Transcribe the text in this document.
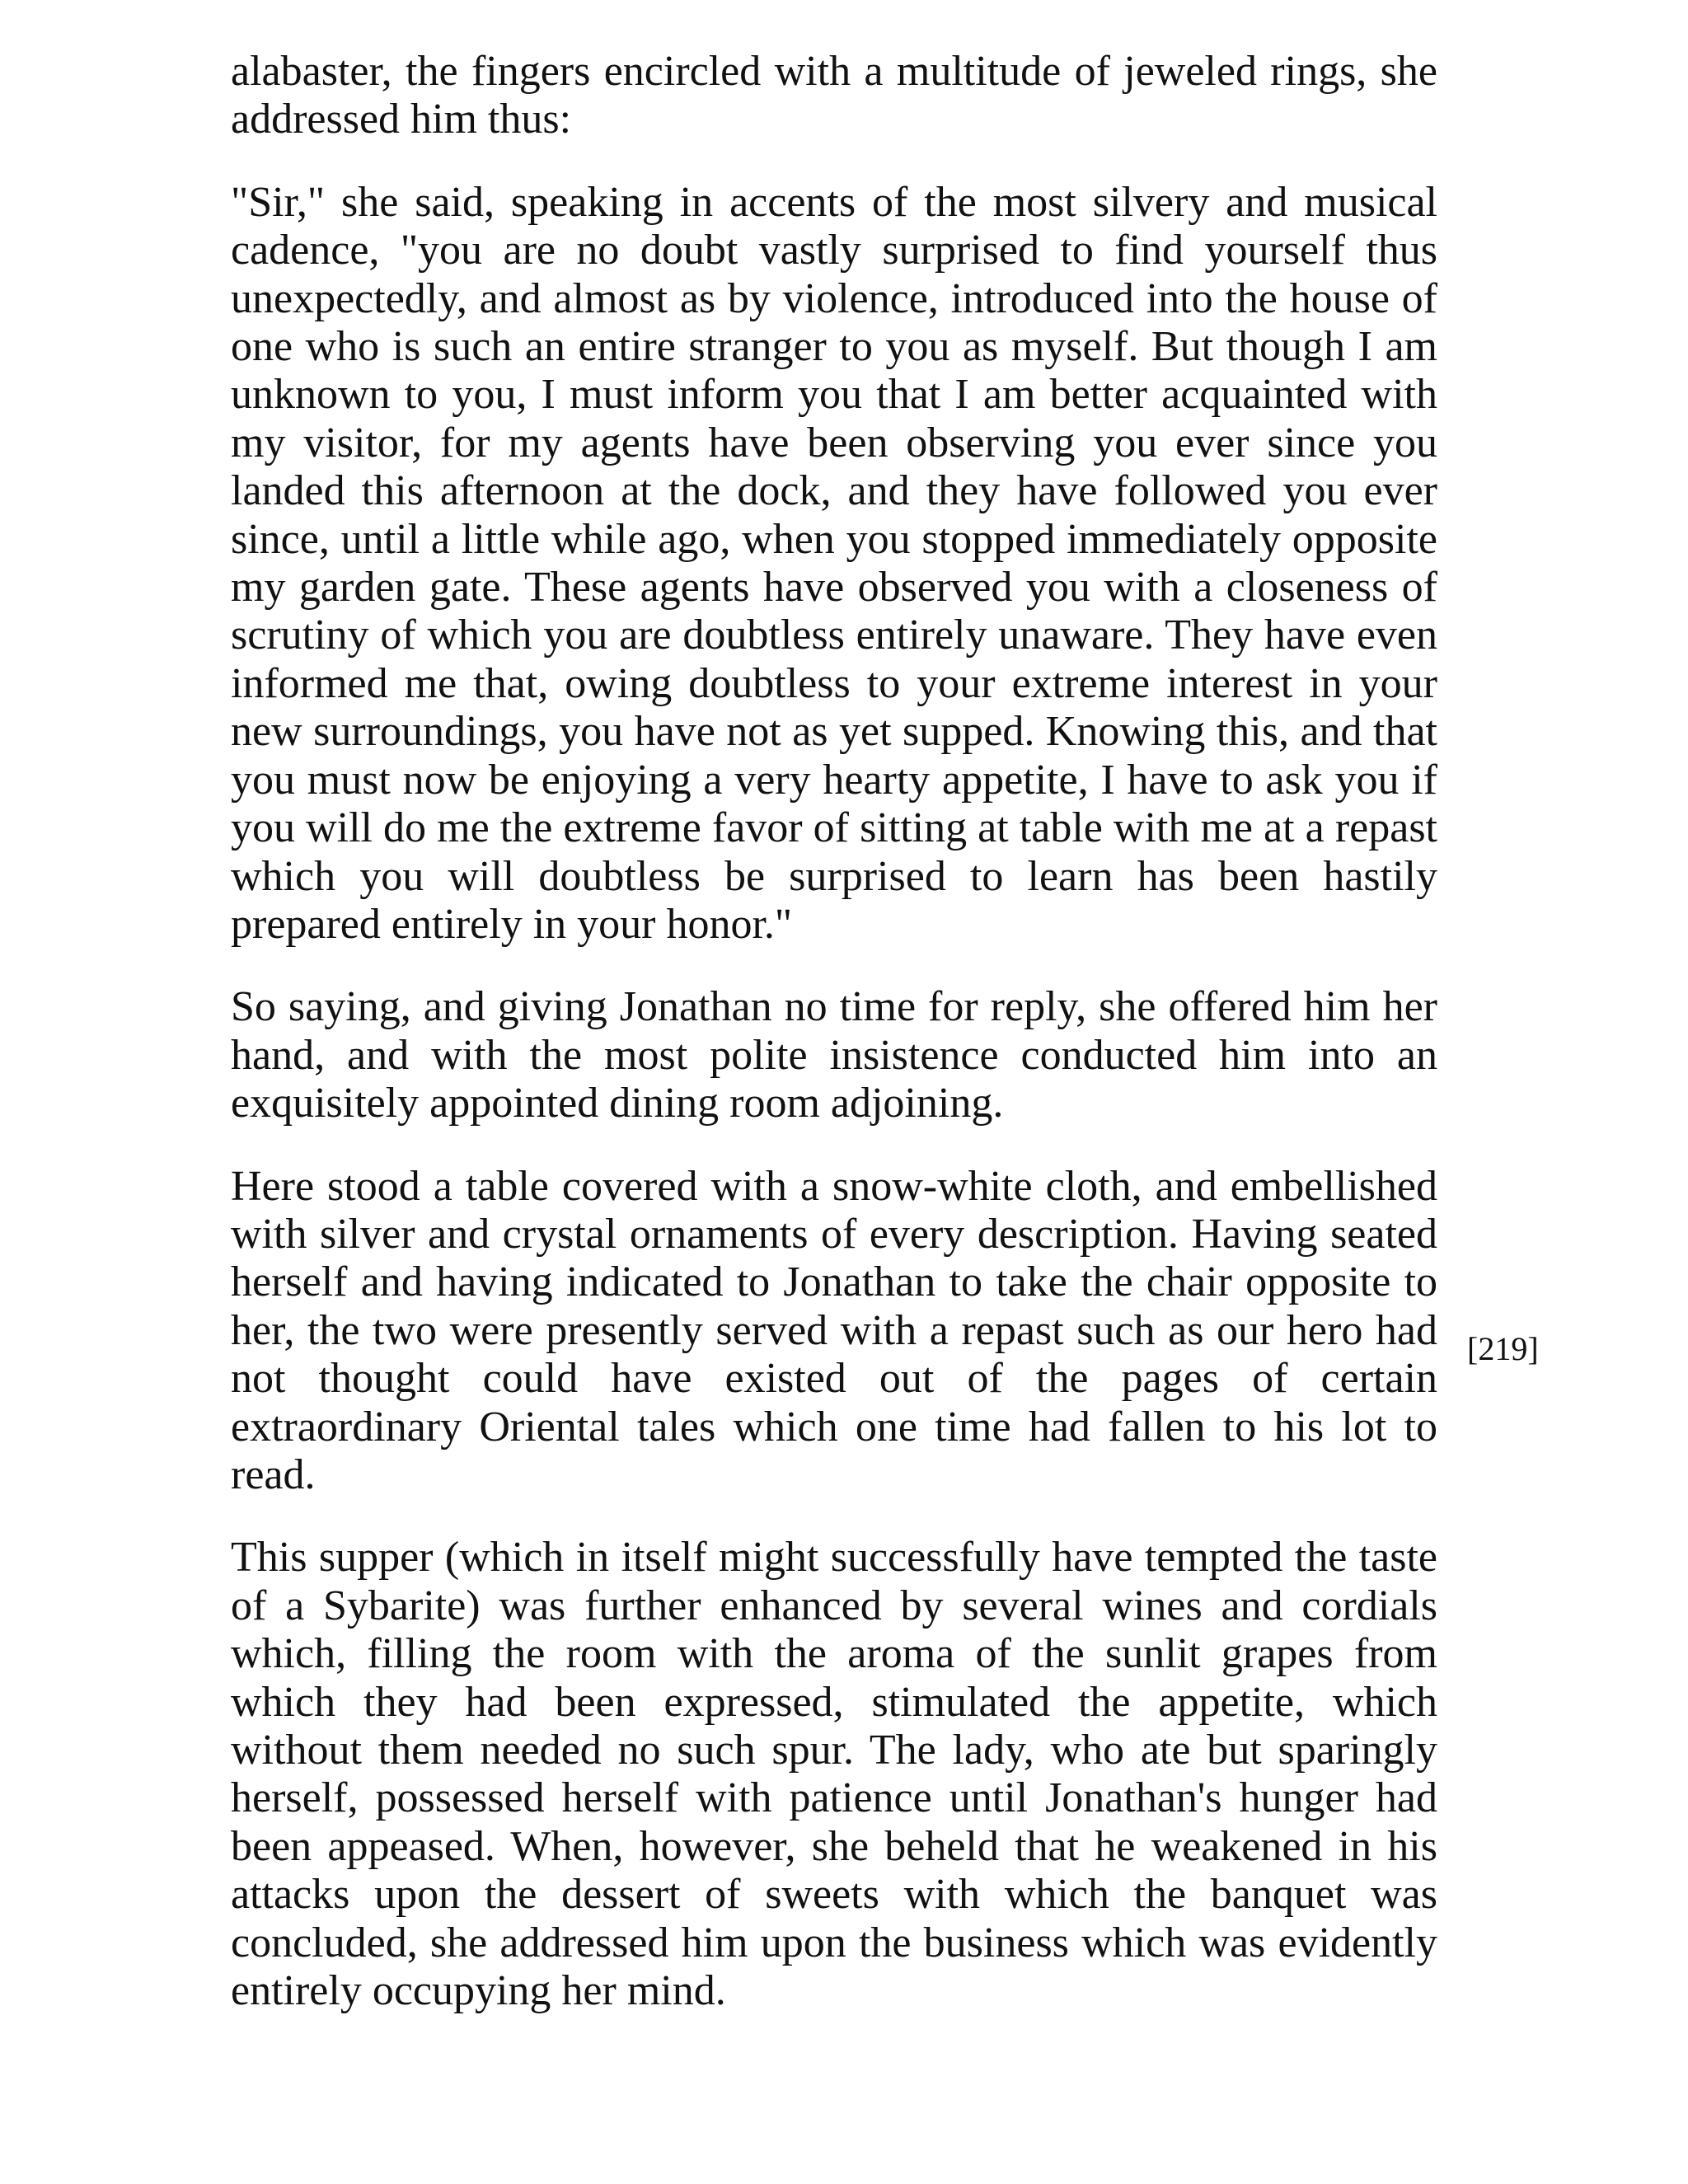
alabaster, the fingers encircled with a multitude of jeweled rings, she addressed him thus:

"Sir," she said, speaking in accents of the most silvery and musical cadence, "you are no doubt vastly surprised to find yourself thus unexpectedly, and almost as by violence, introduced into the house of one who is such an entire stranger to you as myself. But though I am unknown to you, I must inform you that I am better acquainted with my visitor, for my agents have been observing you ever since you landed this afternoon at the dock, and they have followed you ever since, until a little while ago, when you stopped immediately opposite my garden gate. These agents have observed you with a closeness of scrutiny of which you are doubtless entirely unaware. They have even informed me that, owing doubtless to your extreme interest in your new surroundings, you have not as yet supped. Knowing this, and that you must now be enjoying a very hearty appetite, I have to ask you if you will do me the extreme favor of sitting at table with me at a repast which you will doubtless be surprised to learn has been hastily prepared entirely in your honor."

So saying, and giving Jonathan no time for reply, she offered him her hand, and with the most polite insistence conducted him into an exquisitely appointed dining room adjoining.

Here stood a table covered with a snow-white cloth, and embellished with silver and crystal ornaments of every description. Having seated herself and having indicated to Jonathan to take the chair opposite to her, the two were presently served with a repast such as our hero had not thought could have existed out of the pages of certain extraordinary Oriental tales which one time had fallen to his lot to read.

This supper (which in itself might successfully have tempted the taste of a Sybarite) was further enhanced by several wines and cordials which, filling the room with the aroma of the sunlit grapes from which they had been expressed, stimulated the appetite, which without them needed no such spur. The lady, who ate but sparingly herself, possessed herself with patience until Jonathan's hunger had been appeased. When, however, she beheld that he weakened in his attacks upon the dessert of sweets with which the banquet was concluded, she addressed him upon the business which was evidently entirely occupying her mind.

[219]
